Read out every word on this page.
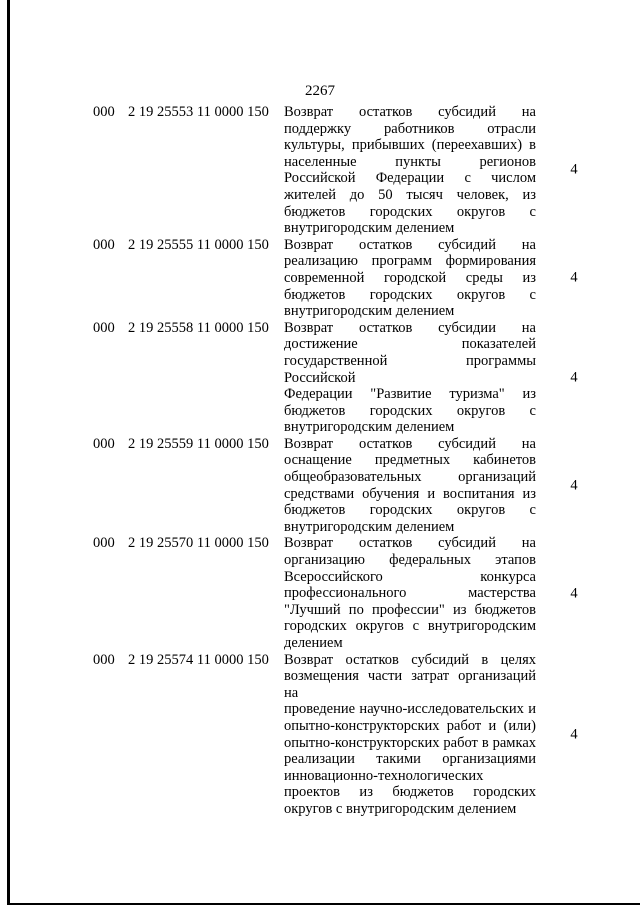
2267
000 2 19 25553 11 0000 150 Возврат остатков субсидий на
поддержку работников отрасли
культуры, прибывших (переехавших) в
населенные пункты регионов
Российской Федерации с числом
жителей до 50 тысяч человек, из
бюджетов городских округов с
внутригородским делением
4
000 2 19 25555 11 0000 150 Возврат остатков субсидий на
реализацию программ формирования
современной городской среды из
бюджетов городских округов с
внутригородским делением
4
000 2 19 25558 11 0000 150 Возврат остатков субсидии на
достижение показателей
государственной программы Российской
Федерации "Развитие туризма" из
бюджетов городских округов с
внутригородским делением
4
000 2 19 25559 11 0000 150 Возврат остатков субсидий на
оснащение предметных кабинетов
общеобразовательных организаций
средствами обучения и воспитания из
бюджетов городских округов с
внутригородским делением
4
000 2 19 25570 11 0000 150 Возврат остатков субсидий на
организацию федеральных этапов
Всероссийского конкурса
профессионального мастерства
"Лучший по профессии" из бюджетов
городских округов с внутригородским
делением
4
000 2 19 25574 11 0000 150 Возврат остатков субсидий в целях
возмещения части затрат организаций на
проведение научно-исследовательских и
опытно-конструкторских работ и (или)
опытно-конструкторских работ в рамках
реализации такими организациями
инновационно-технологических
проектов из бюджетов городских
округов с внутригородским делением
4
